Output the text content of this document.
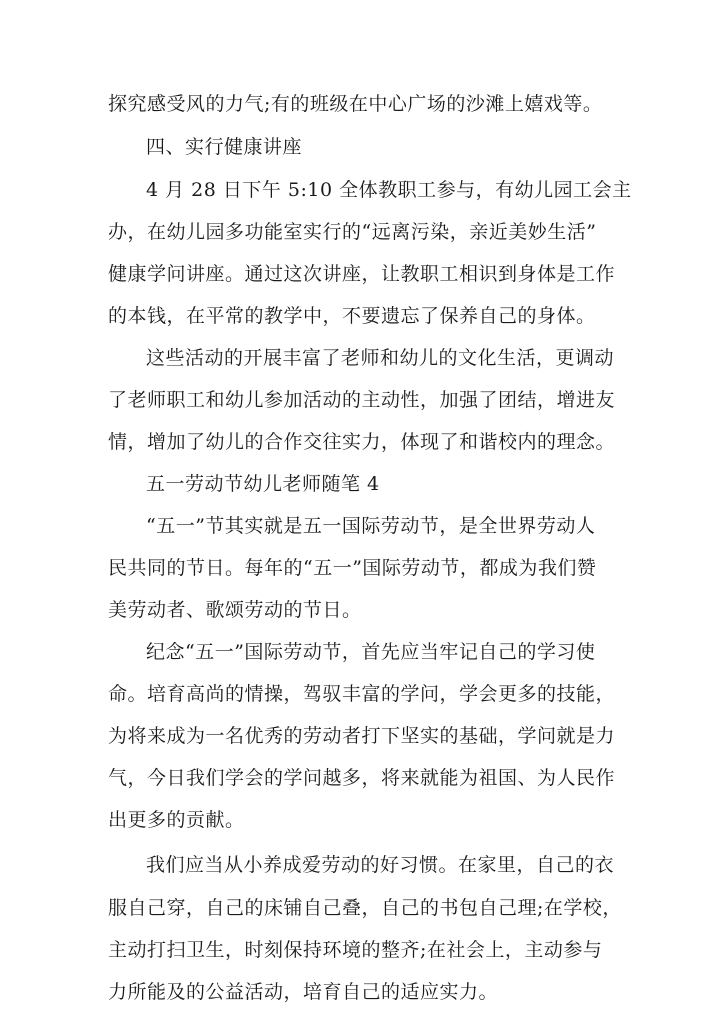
探究感受风的力气;有的班级在中心广场的沙滩上嬉戏等。
四、实行健康讲座
4 月 28 日下午 5:10 全体教职工参与，有幼儿园工会主
办，在幼儿园多功能室实行的“远离污染，亲近美妙生活”
健康学问讲座。通过这次讲座，让教职工相识到身体是工作
的本钱，在平常的教学中，不要遗忘了保养自己的身体。
这些活动的开展丰富了老师和幼儿的文化生活，更调动
了老师职工和幼儿参加活动的主动性，加强了团结，增进友
情，增加了幼儿的合作交往实力，体现了和谐校内的理念。
五一劳动节幼儿老师随笔 4
“五一”节其实就是五一国际劳动节，是全世界劳动人
民共同的节日。每年的“五一”国际劳动节，都成为我们赞
美劳动者、歌颂劳动的节日。
纪念“五一”国际劳动节，首先应当牢记自己的学习使
命。培育高尚的情操，驾驭丰富的学问，学会更多的技能，
为将来成为一名优秀的劳动者打下坚实的基础，学问就是力
气，今日我们学会的学问越多，将来就能为祖国、为人民作
出更多的贡献。
我们应当从小养成爱劳动的好习惯。在家里，自己的衣
服自己穿，自己的床铺自己叠，自己的书包自己理;在学校，
主动打扫卫生，时刻保持环境的整齐;在社会上，主动参与
力所能及的公益活动，培育自己的适应实力。
